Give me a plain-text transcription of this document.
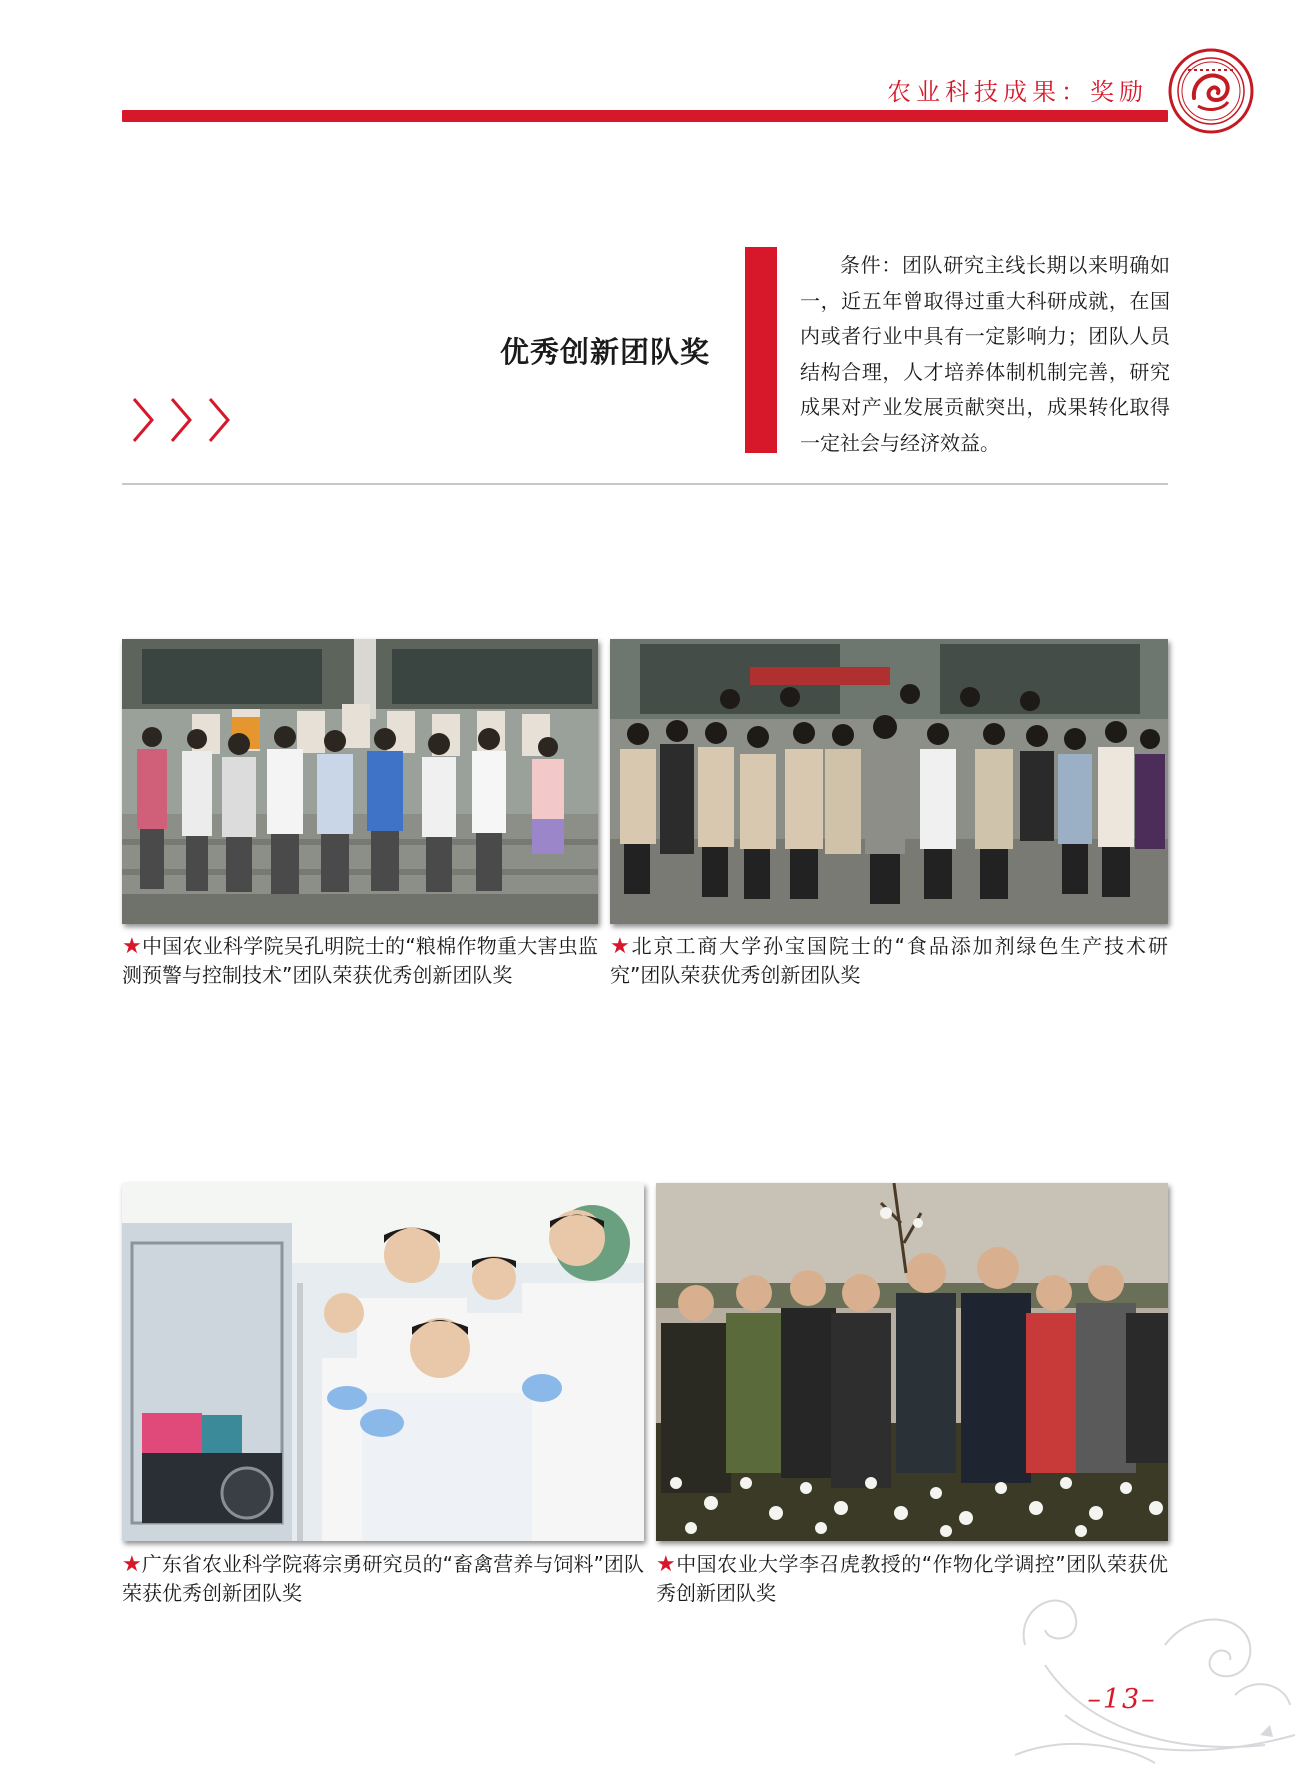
农业科技成果：奖励
优秀创新团队奖
条件：团队研究主线长期以来明确如一，近五年曾取得过重大科研成就，在国内或者行业中具有一定影响力；团队人员结构合理，人才培养体制机制完善，研究成果对产业发展贡献突出，成果转化取得一定社会与经济效益。
★中国农业科学院吴孔明院士的“粮棉作物重大害虫监测预警与控制技术”团队荣获优秀创新团队奖
★北京工商大学孙宝国院士的“食品添加剂绿色生产技术研究”团队荣获优秀创新团队奖
★广东省农业科学院蒋宗勇研究员的“畜禽营养与饲料”团队荣获优秀创新团队奖
★中国农业大学李召虎教授的“作物化学调控”团队荣获优秀创新团队奖
–13–
